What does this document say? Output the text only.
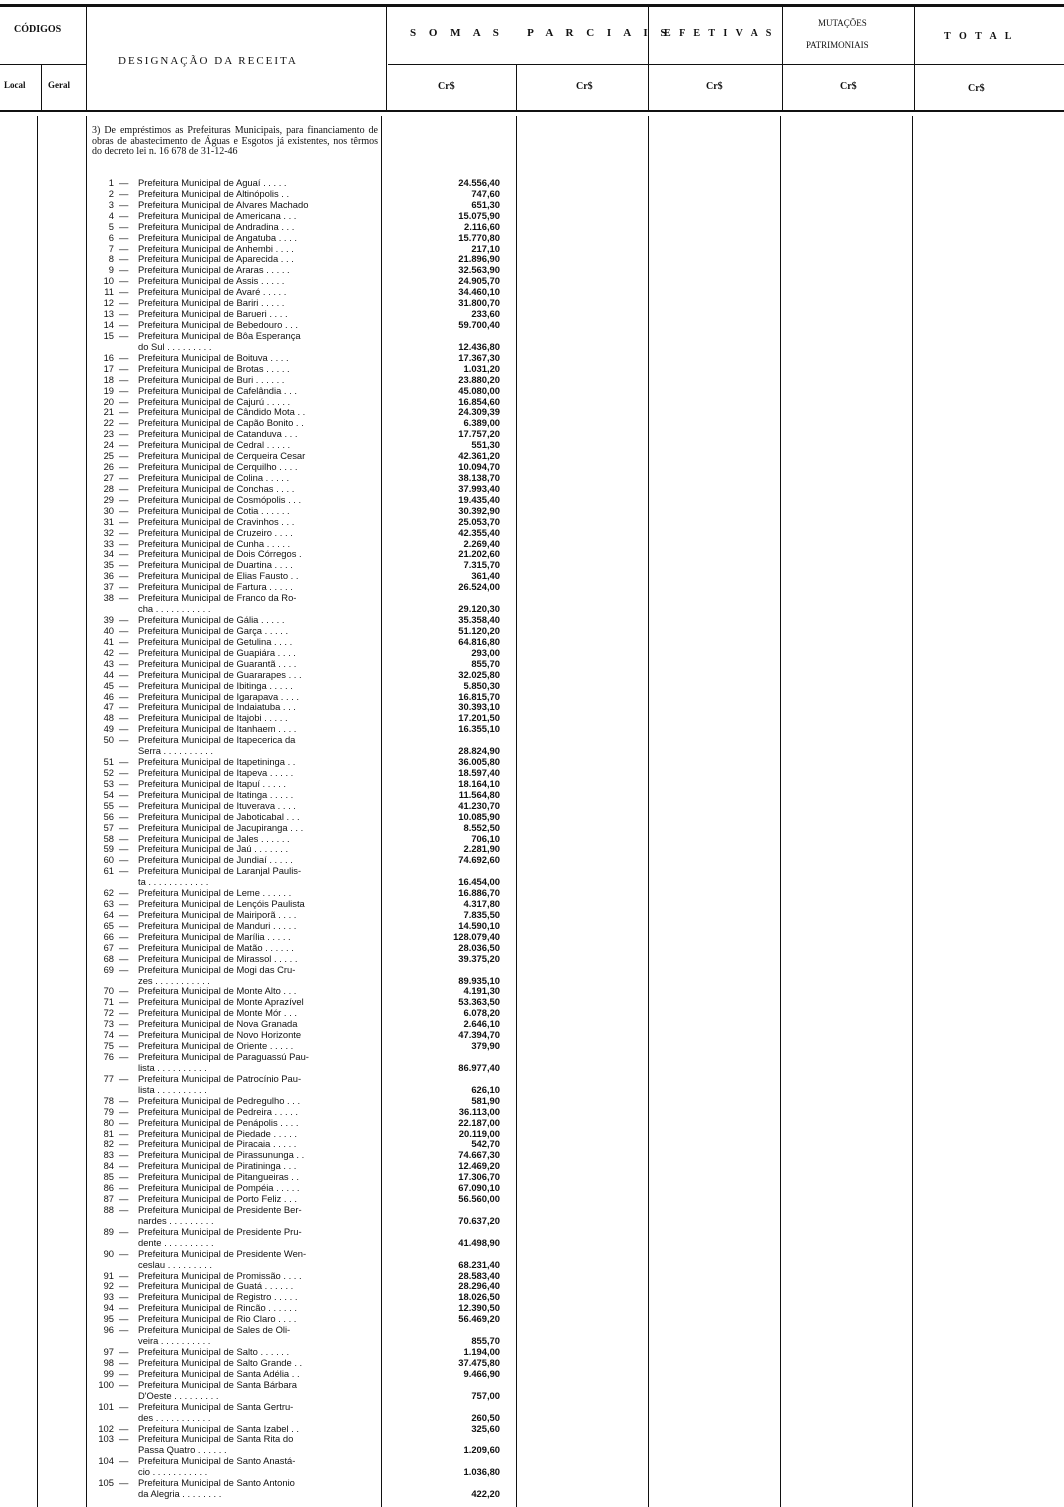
CÓDIGOS
Local	Geral
DESIGNAÇÃO DA RECEITA
S O M A S   P A R C I A I S
E F E T I V A S
MUTAÇÕES
PATRIMONIAIS
T O T A L
Cr$	Cr$	Cr$	Cr$	Cr$
3) De empréstimos as Prefeituras Municipais, para financiamento de obras de abastecimento de Águas e Esgotos já existentes, nos têrmos do decreto lei n. 16 678 de 31-12-46
1 — Prefeitura Municipal de Aguaí . . . . .	24.556,40
2 — Prefeitura Municipal de Altinópolis . .	747,60
3 — Prefeitura Municipal de Alvares Machado	651,30
4 — Prefeitura Municipal de Americana . . .	15.075,90
5 — Prefeitura Municipal de Andradina . . .	2.116,60
6 — Prefeitura Municipal de Angatuba . . . .	15.770,80
7 — Prefeitura Municipal de Anhembi . . . .	217,10
8 — Prefeitura Municipal de Aparecida . . .	21.896,90
9 — Prefeitura Municipal de Araras . . . . .	32.563,90
10 — Prefeitura Municipal de Assis . . . . .	24.905,70
11 — Prefeitura Municipal de Avaré . . . . .	34.460,10
12 — Prefeitura Municipal de Bariri . . . . .	31.800,70
13 — Prefeitura Municipal de Barueri . . . .	233,60
14 — Prefeitura Municipal de Bebedouro . . .	59.700,40
15 — Prefeitura Municipal de Bôa Esperança
do Sul . . . . . . . . .	12.436,80
16 — Prefeitura Municipal de Boituva . . . .	17.367,30
17 — Prefeitura Municipal de Brotas . . . . .	1.031,20
18 — Prefeitura Municipal de Buri . . . . . .	23.880,20
19 — Prefeitura Municipal de Cafelândia . . .	45.080,00
20 — Prefeitura Municipal de Cajurú . . . . .	16.854,60
21 — Prefeitura Municipal de Cândido Mota . .	24.309,39
22 — Prefeitura Municipal de Capão Bonito . .	6.389,00
23 — Prefeitura Municipal de Catanduva . . .	17.757,20
24 — Prefeitura Municipal de Cedral . . . . .	551,30
25 — Prefeitura Municipal de Cerqueira Cesar	42.361,20
26 — Prefeitura Municipal de Cerquilho . . . .	10.094,70
27 — Prefeitura Municipal de Colina . . . . .	38.138,70
28 — Prefeitura Municipal de Conchas . . . .	37.993,40
29 — Prefeitura Municipal de Cosmópolis . . .	19.435,40
30 — Prefeitura Municipal de Cotia . . . . . .	30.392,90
31 — Prefeitura Municipal de Cravinhos . . .	25.053,70
32 — Prefeitura Municipal de Cruzeiro . . . .	42.355,40
33 — Prefeitura Municipal de Cunha . . . . .	2.269,40
34 — Prefeitura Municipal de Dois Córregos .	21.202,60
35 — Prefeitura Municipal de Duartina . . . .	7.315,70
36 — Prefeitura Municipal de Elias Fausto . .	361,40
37 — Prefeitura Municipal de Fartura . . . . .	26.524,00
38 — Prefeitura Municipal de Franco da Ro-
cha . . . . . . . . . . .	29.120,30
39 — Prefeitura Municipal de Gália . . . . .	35.358,40
40 — Prefeitura Municipal de Garça . . . . .	51.120,20
41 — Prefeitura Municipal de Getulina . . . .	64.816,80
42 — Prefeitura Municipal de Guapiára . . . .	293,00
43 — Prefeitura Municipal de Guarantã . . . .	855,70
44 — Prefeitura Municipal de Guararapes . . .	32.025,80
45 — Prefeitura Municipal de Ibitinga . . . . .	5.850,30
46 — Prefeitura Municipal de Igarapava . . . .	16.815,70
47 — Prefeitura Municipal de Indaiatuba . . .	30.393,10
48 — Prefeitura Municipal de Itajobi . . . . .	17.201,50
49 — Prefeitura Municipal de Itanhaem . . . .	16.355,10
50 — Prefeitura Municipal de Itapecerica da
Serra . . . . . . . . . .	28.824,90
51 — Prefeitura Municipal de Itapetininga . .	36.005,80
52 — Prefeitura Municipal de Itapeva . . . . .	18.597,40
53 — Prefeitura Municipal de Itapuí . . . . .	18.164,10
54 — Prefeitura Municipal de Itatinga . . . . .	11.564,80
55 — Prefeitura Municipal de Ituverava . . . .	41.230,70
56 — Prefeitura Municipal de Jaboticabal . . .	10.085,90
57 — Prefeitura Municipal de Jacupiranga . . .	8.552,50
58 — Prefeitura Municipal de Jales . . . . . .	706,10
59 — Prefeitura Municipal de Jaú . . . . . . .	2.281,90
60 — Prefeitura Municipal de Jundiaí . . . . .	74.692,60
61 — Prefeitura Municipal de Laranjal Paulis-
ta . . . . . . . . . . . .	16.454,00
62 — Prefeitura Municipal de Leme . . . . . .	16.886,70
63 — Prefeitura Municipal de Lençóis Paulista	4.317,80
64 — Prefeitura Municipal de Mairiporã . . . .	7.835,50
65 — Prefeitura Municipal de Manduri . . . . .	14.590,10
66 — Prefeitura Municipal de Marília . . . . .	128.079,40
67 — Prefeitura Municipal de Matão . . . . . .	28.036,50
68 — Prefeitura Municipal de Mirassol . . . . .	39.375,20
69 — Prefeitura Municipal de Mogi das Cru-
zes . . . . . . . . . . .	89.935,10
70 — Prefeitura Municipal de Monte Alto . . .	4.191,30
71 — Prefeitura Municipal de Monte Aprazível	53.363,50
72 — Prefeitura Municipal de Monte Mór . . .	6.078,20
73 — Prefeitura Municipal de Nova Granada	2.646,10
74 — Prefeitura Municipal de Novo Horizonte	47.394,70
75 — Prefeitura Municipal de Oriente . . . . .	379,90
76 — Prefeitura Municipal de Paraguassú Pau-
lista . . . . . . . . . .	86.977,40
77 — Prefeitura Municipal de Patrocínio Pau-
lista . . . . . . . . . .	626,10
78 — Prefeitura Municipal de Pedregulho . . .	581,90
79 — Prefeitura Municipal de Pedreira . . . . .	36.113,00
80 — Prefeitura Municipal de Penápolis . . . .	22.187,00
81 — Prefeitura Municipal de Piedade . . . . .	20.119,00
82 — Prefeitura Municipal de Piracaia . . . . .	542,70
83 — Prefeitura Municipal de Pirassununga . .	74.667,30
84 — Prefeitura Municipal de Piratininga . . .	12.469,20
85 — Prefeitura Municipal de Pitangueiras . .	17.306,70
86 — Prefeitura Municipal de Pompéia . . . . .	67.090,10
87 — Prefeitura Municipal de Porto Feliz . . .	56.560,00
88 — Prefeitura Municipal de Presidente Ber-
nardes . . . . . . . . .	70.637,20
89 — Prefeitura Municipal de Presidente Pru-
dente . . . . . . . . . .	41.498,90
90 — Prefeitura Municipal de Presidente Wen-
ceslau . . . . . . . . .	68.231,40
91 — Prefeitura Municipal de Promissão . . . .	28.583,40
92 — Prefeitura Municipal de Guatá . . . . . .	28.296,40
93 — Prefeitura Municipal de Registro . . . . .	18.026,50
94 — Prefeitura Municipal de Rincão . . . . . .	12.390,50
95 — Prefeitura Municipal de Rio Claro . . . .	56.469,20
96 — Prefeitura Municipal de Sales de Oli-
veira . . . . . . . . . .	855,70
97 — Prefeitura Municipal de Salto . . . . . .	1.194,00
98 — Prefeitura Municipal de Salto Grande . .	37.475,80
99 — Prefeitura Municipal de Santa Adélia . .	9.466,90
100 — Prefeitura Municipal de Santa Bárbara
D'Oeste . . . . . . . . .	757,00
101 — Prefeitura Municipal de Santa Gertru-
des . . . . . . . . . . .	260,50
102 — Prefeitura Municipal de Santa Izabel . .	325,60
103 — Prefeitura Municipal de Santa Rita do
Passa Quatro . . . . . .	1.209,60
104 — Prefeitura Municipal de Santo Anastá-
cio . . . . . . . . . . .	1.036,80
105 — Prefeitura Municipal de Santo Antonio
da Alegria . . . . . . . .	422,20
